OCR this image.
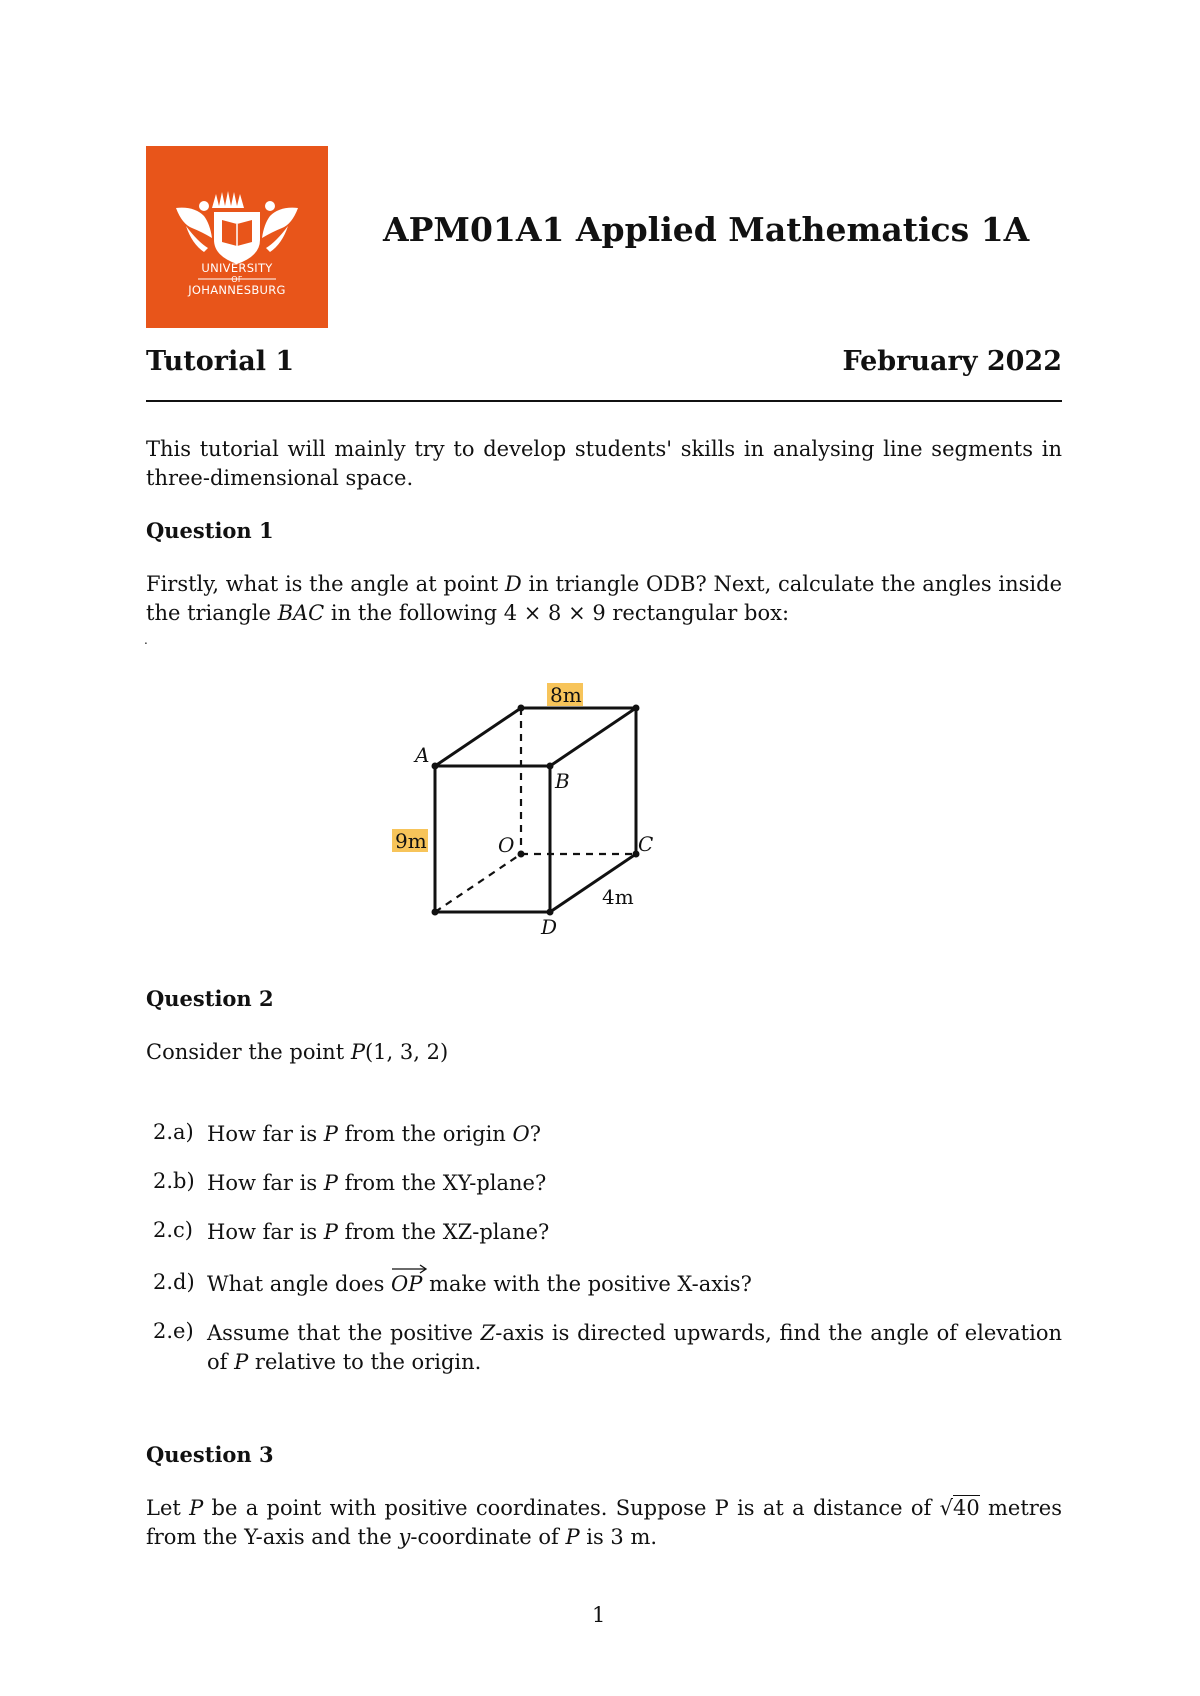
UNIVERSITY
OF
JOHANNESBURG
APM01A1 Applied Mathematics 1A
Tutorial 1	February 2022
This tutorial will mainly try to develop students' skills in analysing line segments in three-dimensional space.
Question 1
Firstly, what is the angle at point D in triangle ODB? Next, calculate the angles inside the triangle BAC in the following 4 × 8 × 9 rectangular box:
.
8m
9m
4m
A
B
C
O
D
Question 2
Consider the point P(1, 3, 2)
2.a) How far is P from the origin O?
2.b) How far is P from the XY-plane?
2.c) How far is P from the XZ-plane?
2.d) What angle does
OP make with the positive X-axis?
2.e) Assume that the positive Z-axis is directed upwards, find the angle of elevation of P relative to the origin.
Question 3
Let P be a point with positive coordinates. Suppose P is at a distance of √40 metres from the Y-axis and the y-coordinate of P is 3 m.
1
